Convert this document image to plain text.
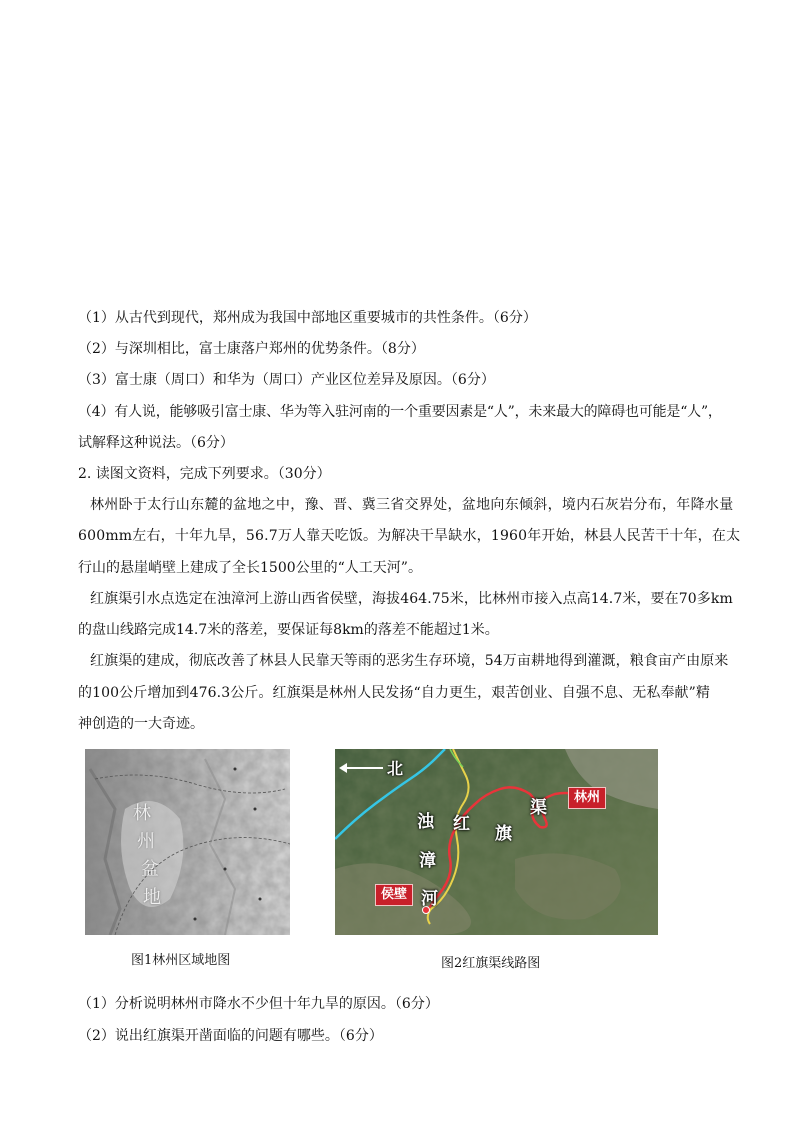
（1）从古代到现代，郑州成为我国中部地区重要城市的共性条件。（6分）
（2）与深圳相比，富士康落户郑州的优势条件。（8分）
（3）富士康（周口）和华为（周口）产业区位差异及原因。（6分）
（4）有人说，能够吸引富士康、华为等入驻河南的一个重要因素是“人”，未来最大的障碍也可能是“人”，
试解释这种说法。（6分）
2. 读图文资料，完成下列要求。（30分）
林州卧于太行山东麓的盆地之中，豫、晋、冀三省交界处，盆地向东倾斜，境内石灰岩分布，年降水量
600mm左右，十年九旱，56.7万人靠天吃饭。为解决干旱缺水，1960年开始，林县人民苦干十年，在太
行山的悬崖峭壁上建成了全长1500公里的“人工天河”。
红旗渠引水点选定在浊漳河上游山西省侯壁，海拔464.75米，比林州市接入点高14.7米，要在70多km
的盘山线路完成14.7米的落差，要保证每8km的落差不能超过1米。
红旗渠的建成，彻底改善了林县人民靠天等雨的恶劣生存环境，54万亩耕地得到灌溉，粮食亩产由原来
的100公斤增加到476.3公斤。红旗渠是林州人民发扬“自力更生，艰苦创业、自强不息、无私奉献”精
神创造的一大奇迹。
林
州
盆
地
图1林州区域地图
北
浊
漳
河
红 旗
渠
林州
侯壁
图2红旗渠线路图
（1）分析说明林州市降水不少但十年九旱的原因。（6分）
（2）说出红旗渠开凿面临的问题有哪些。（6分）
